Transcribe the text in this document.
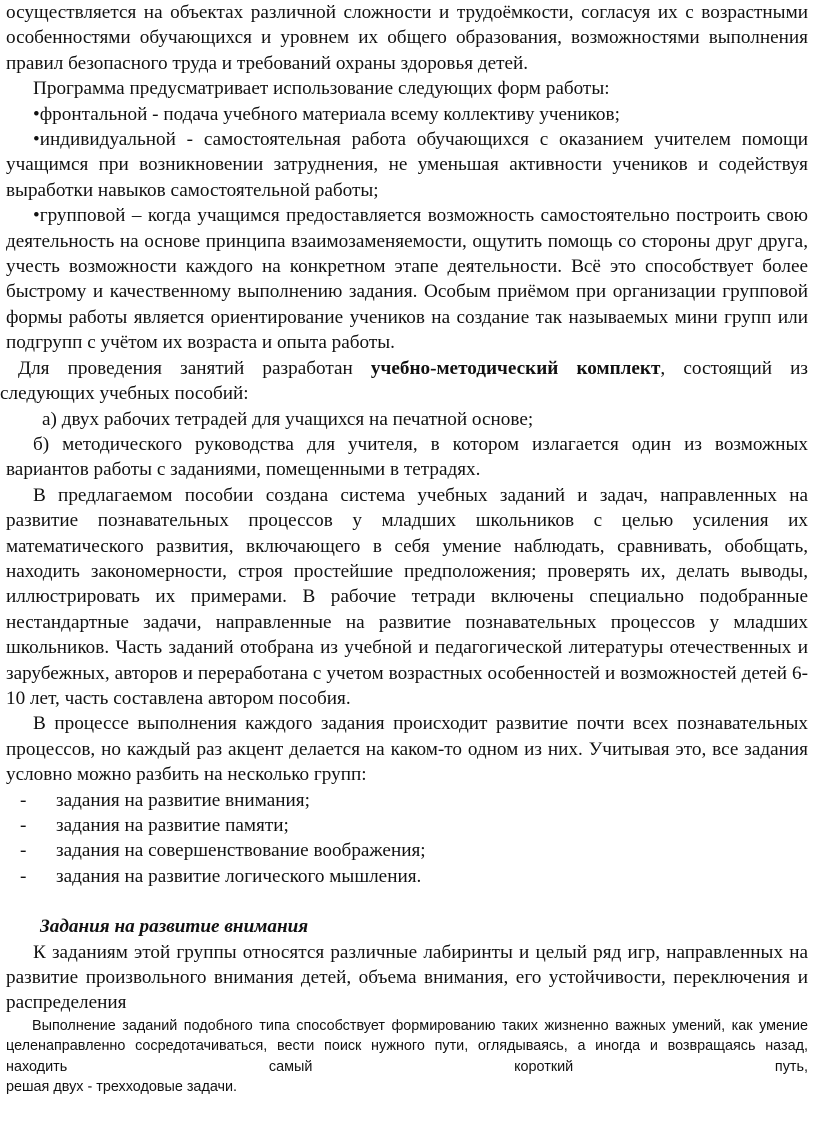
осуществляется на объектах различной сложности и трудоёмкости, согласуя их с возрастными особенностями обучающихся и уровнем их общего образования, возможностями выполнения правил безопасного труда и требований охраны здоровья детей.

Программа предусматривает использование следующих форм работы:

•фронтальной - подача учебного материала всему коллективу учеников;

•индивидуальной - самостоятельная работа обучающихся с оказанием учителем помощи учащимся при возникновении затруднения, не уменьшая активности учеников и содействуя выработки навыков самостоятельной работы;

•групповой – когда учащимся предоставляется возможность самостоятельно построить свою деятельность на основе принципа взаимозаменяемости, ощутить помощь со стороны друг друга, учесть возможности каждого на конкретном этапе деятельности. Всё это способствует более быстрому и качественному выполнению задания. Особым приёмом при организации групповой формы работы является ориентирование учеников на создание так называемых мини групп или подгрупп с учётом их возраста и опыта работы.

Для проведения занятий разработан учебно-методический комплект, состоящий из следующих учебных пособий:

а) двух рабочих тетрадей для учащихся на печатной основе;

б) методического руководства для учителя, в котором излагается один из возможных вариантов работы с заданиями, помещенными в тетрадях.

В предлагаемом пособии создана система учебных заданий и задач, направленных на развитие познавательных процессов у младших школьников с целью усиления их математического развития, включающего в себя умение наблюдать, сравнивать, обобщать, находить закономерности, строя простейшие предположения; проверять их, делать выводы, иллюстрировать их примерами. В рабочие тетради включены специально подобранные нестандартные задачи, направленные на развитие познавательных процессов у младших школьников. Часть заданий отобрана из учебной и педагогической литературы отечественных и зарубежных, авторов и переработана с учетом возрастных особенностей и возможностей детей 6-10 лет, часть составлена автором пособия.

В процессе выполнения каждого задания происходит развитие почти всех познавательных процессов, но каждый раз акцент делается на каком-то одном из них. Учитывая это, все задания условно можно разбить на несколько групп:

- задания на развитие внимания;

- задания на развитие памяти;

- задания на совершенствование воображения;

- задания на развитие логического мышления.

Задания на развитие внимания

К заданиям этой группы относятся различные лабиринты и целый ряд игр, направленных на развитие произвольного внимания детей, объема внимания, его устойчивости, переключения и распределения

Выполнение заданий подобного типа способствует формированию таких жизненно важных умений, как умение целенаправленно сосредотачиваться, вести поиск нужного пути, оглядываясь, а иногда и возвращаясь назад, находить самый короткий путь,

решая двух - трехходовые задачи.
